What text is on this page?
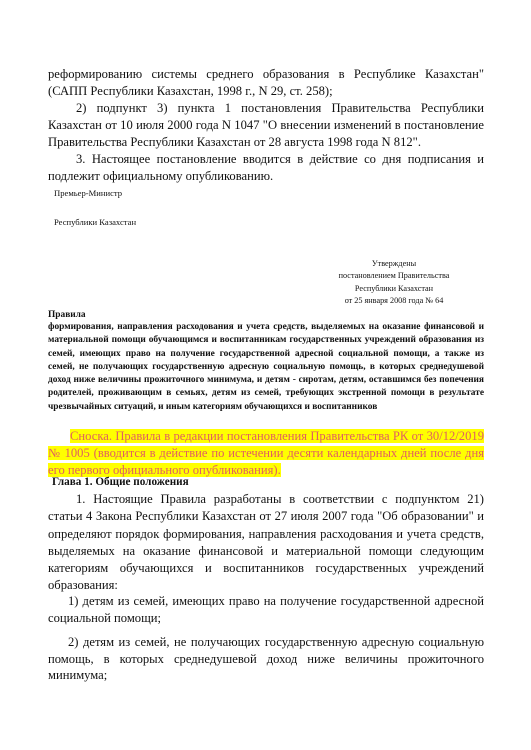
реформированию системы среднего образования в Республике Казахстан" (САПП Республики Казахстан, 1998 г., N 29, ст. 258);

2) подпункт 3) пункта 1 постановления Правительства Республики Казахстан от 10 июля 2000 года N 1047 "О внесении изменений в постановление Правительства Республики Казахстан от 28 августа 1998 года N 812".

3. Настоящее постановление вводится в действие со дня подписания и подлежит официальному опубликованию.

Премьер-Министр

Республики Казахстан

Утверждены
постановлением Правительства
Республики Казахстан
от 25 января 2008 года № 64

Правила

формирования, направления расходования и учета средств, выделяемых на оказание финансовой и материальной помощи обучающимся и воспитанникам государственных учреждений образования из семей, имеющих право на получение государственной адресной социальной помощи, а также из семей, не получающих государственную адресную социальную помощь, в которых среднедушевой доход ниже величины прожиточного минимума, и детям - сиротам, детям, оставшимся без попечения родителей, проживающим в семьях, детям из семей, требующих экстренной помощи в результате чрезвычайных ситуаций, и иным категориям обучающихся и воспитанников

Сноска. Правила в редакции постановления Правительства РК от 30/12/2019 № 1005 (вводится в действие по истечении десяти календарных дней после дня его первого официального опубликования).

Глава 1. Общие положения

1. Настоящие Правила разработаны в соответствии с подпунктом 21) статьи 4 Закона Республики Казахстан от 27 июля 2007 года "Об образовании" и определяют порядок формирования, направления расходования и учета средств, выделяемых на оказание финансовой и материальной помощи следующим категориям обучающихся и воспитанников государственных учреждений образования:

1) детям из семей, имеющих право на получение государственной адресной социальной помощи;

2) детям из семей, не получающих государственную адресную социальную помощь, в которых среднедушевой доход ниже величины прожиточного минимума;
